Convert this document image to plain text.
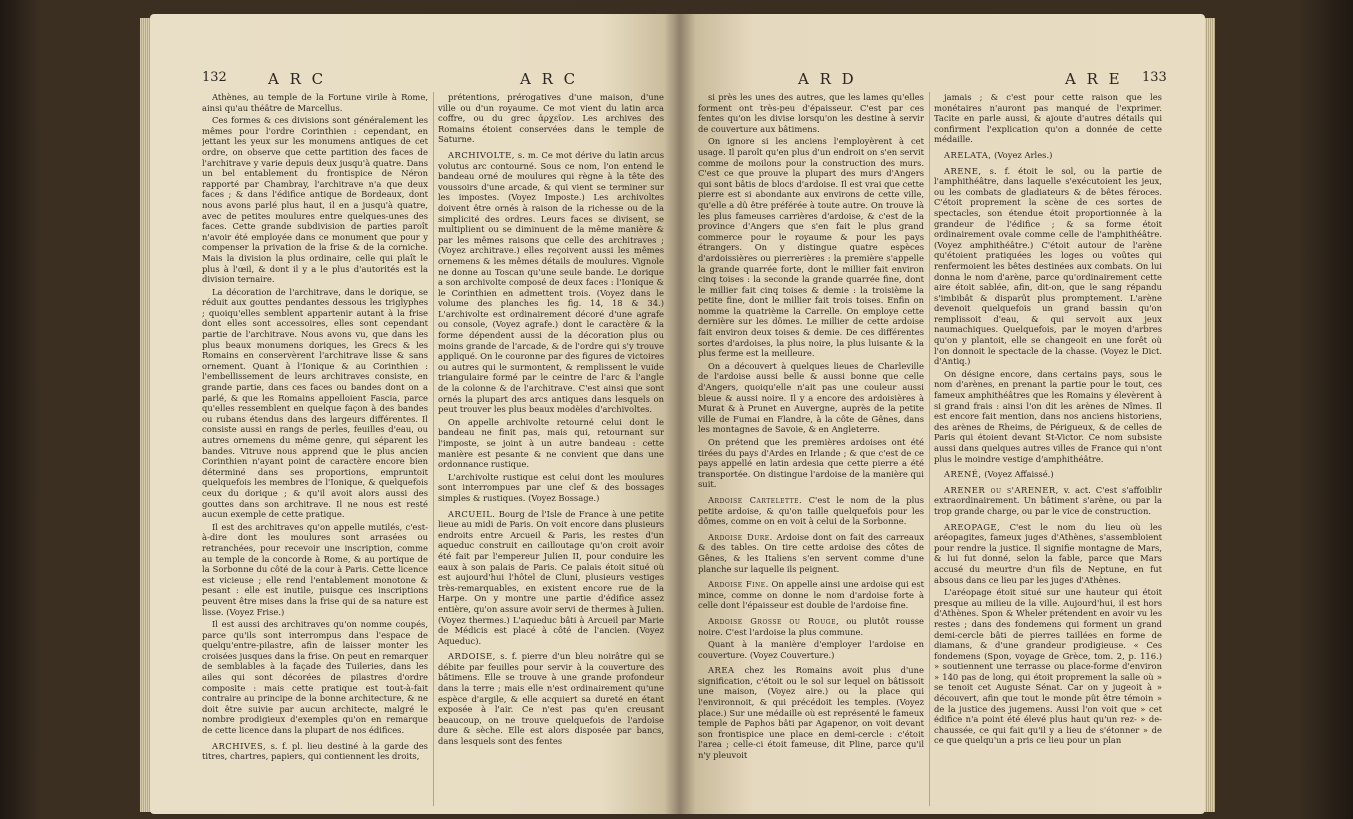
132	A R C	A R C

Athènes, au temple de la Fortune virile à Rome, ainsi qu'au théâtre de Marcellus.

Ces formes & ces divisions sont généralement les mêmes pour l'ordre Corinthien : cependant, en jettant les yeux sur les monumens antiques de cet ordre, on observe que cette partition des faces de l'architrave y varie depuis deux jusqu'à quatre. Dans un bel entablement du frontispice de Néron rapporté par Chambray, l'architrave n'a que deux faces ; & dans l'édifice antique de Bordeaux, dont nous avons parlé plus haut, il en a jusqu'à quatre, avec de petites moulures entre quelques-unes des faces. Cette grande subdivision de parties paroît n'avoir été employée dans ce monument que pour y compenser la privation de la frise & de la corniche. Mais la division la plus ordinaire, celle qui plaît le plus à l'œil, & dont il y a le plus d'autorités est la division ternaire.

La décoration de l'architrave, dans le dorique, se réduit aux gouttes pendantes dessous les triglyphes ; quoiqu'elles semblent appartenir autant à la frise dont elles sont accessoires, elles sont cependant partie de l'architrave. Nous avons vu, que dans les plus beaux monumens doriques, les Grecs & les Romains en conservèrent l'architrave lisse & sans ornement. Quant à l'Ionique & au Corinthien : l'embellissement de leurs architraves consiste, en grande partie, dans ces faces ou bandes dont on a parlé, & que les Romains appelloient Fascia, parce qu'elles ressemblent en quelque façon à des bandes ou rubans étendus dans des largeurs différentes. Il consiste aussi en rangs de perles, feuilles d'eau, ou autres ornemens du même genre, qui séparent les bandes. Vitruve nous apprend que le plus ancien Corinthien n'ayant point de caractère encore bien déterminé dans ses proportions, empruntoit quelquefois les membres de l'Ionique, & quelquefois ceux du dorique ; & qu'il avoit alors aussi des gouttes dans son architrave. Il ne nous est resté aucun exemple de cette pratique.

Il est des architraves qu'on appelle mutilés, c'est-à-dire dont les moulures sont arrasées ou retranchées, pour recevoir une inscription, comme au temple de la concorde à Rome, & au portique de la Sorbonne du côté de la cour à Paris. Cette licence est vicieuse ; elle rend l'entablement monotone & pesant : elle est inutile, puisque ces inscriptions peuvent être mises dans la frise qui de sa nature est lisse. (Voyez Frise.)

Il est aussi des architraves qu'on nomme coupés, parce qu'ils sont interrompus dans l'espace de quelqu'entre-pilastre, afin de laisser monter les croisées jusques dans la frise. On peut en remarquer de semblables à la façade des Tuileries, dans les ailes qui sont décorées de pilastres d'ordre composite : mais cette pratique est tout-à-fait contraire au principe de la bonne architecture, & ne doit être suivie par aucun architecte, malgré le nombre prodigieux d'exemples qu'on en remarque de cette licence dans la plupart de nos édifices.

ARCHIVES, s. f. pl. lieu destiné à la garde des titres, chartres, papiers, qui contiennent les droits,

prétentions, prérogatives d'une maison, d'une ville ou d'un royaume. Ce mot vient du latin arca coffre, ou du grec ἀρχεῖον. Les archives des Romains étoient conservées dans le temple de Saturne.

ARCHIVOLTE, s. m. Ce mot dérive du latin arcus volutus arc contourné. Sous ce nom, l'on entend le bandeau orné de moulures qui règne à la tête des voussoirs d'une arcade, & qui vient se terminer sur les impostes. (Voyez Imposte.) Les archivoltes doivent être ornés à raison de la richesse ou de la simplicité des ordres. Leurs faces se divisent, se multiplient ou se diminuent de la même manière & par les mêmes raisons que celle des architraves ; (Voyez architrave.) elles reçoivent aussi les mêmes ornemens & les mêmes détails de moulures. Vignole ne donne au Toscan qu'une seule bande. Le dorique a son archivolte composé de deux faces : l'Ionique & le Corinthien en admettent trois. (Voyez dans le volume des planches les fig. 14, 18 & 34.) L'archivolte est ordinairement décoré d'une agrafe ou console, (Voyez agrafe.) dont le caractère & la forme dépendent aussi de la décoration plus ou moins grande de l'arcade, & de l'ordre qui s'y trouve appliqué. On le couronne par des figures de victoires ou autres qui le surmontent, & remplissent le vuide triangulaire formé par le ceintre de l'arc & l'angle de la colonne & de l'architrave. C'est ainsi que sont ornés la plupart des arcs antiques dans lesquels on peut trouver les plus beaux modèles d'archivoltes.

On appelle archivolte retourné celui dont le bandeau ne finit pas, mais qui, retournant sur l'imposte, se joint à un autre bandeau : cette manière est pesante & ne convient que dans une ordonnance rustique.

L'archivolte rustique est celui dont les moulures sont interrompues par une clef & des bossages simples & rustiques. (Voyez Bossage.)

ARCUEIL. Bourg de l'Isle de France à une petite lieue au midi de Paris. On voit encore dans plusieurs endroits entre Arcueil & Paris, les restes d'un aqueduc construit en cailloutage qu'on croit avoir été fait par l'empereur Julien II, pour conduire les eaux à son palais de Paris. Ce palais étoit situé où est aujourd'hui l'hôtel de Cluni, plusieurs vestiges très-remarquables, en existent encore rue de la Harpe. On y montre une partie d'édifice assez entière, qu'on assure avoir servi de thermes à Julien. (Voyez thermes.) L'aqueduc bâti à Arcueil par Marie de Médicis est placé à côté de l'ancien. (Voyez Aqueduc).

ARDOISE, s. f. pierre d'un bleu noirâtre qui se débite par feuilles pour servir à la couverture des bâtimens. Elle se trouve à une grande profondeur dans la terre ; mais elle n'est ordinairement qu'une espèce d'argile, & elle acquiert sa dureté en étant exposée à l'air. Ce n'est pas qu'en creusant beaucoup, on ne trouve quelquefois de l'ardoise dure & sèche. Elle est alors disposée par bancs, dans lesquels sont des fentes

A R D	A R E 133

si près les unes des autres, que les lames qu'elles forment ont très-peu d'épaisseur. C'est par ces fentes qu'on les divise lorsqu'on les destine à servir de couverture aux bâtimens.

On ignore si les anciens l'employèrent à cet usage. Il paroît qu'en plus d'un endroit on s'en servit comme de moilons pour la construction des murs. C'est ce que prouve la plupart des murs d'Angers qui sont bâtis de blocs d'ardoise. Il est vrai que cette pierre est si abondante aux environs de cette ville, qu'elle a dû être préférée à toute autre. On trouve là les plus fameuses carrières d'ardoise, & c'est de la province d'Angers que s'en fait le plus grand commerce pour le royaume & pour les pays étrangers. On y distingue quatre espèces d'ardoissières ou pierrerières : la première s'appelle la grande quarrée forte, dont le millier fait environ cinq toises : la seconde la grande quarrée fine, dont le millier fait cinq toises & demie : la troisième la petite fine, dont le millier fait trois toises. Enfin on nomme la quatrième la Carrelle. On employe cette dernière sur les dômes. Le millier de cette ardoise fait environ deux toises & demie. De ces différentes sortes d'ardoises, la plus noire, la plus luisante & la plus ferme est la meilleure.

On a découvert à quelques lieues de Charleville de l'ardoise aussi belle & aussi bonne que celle d'Angers, quoiqu'elle n'ait pas une couleur aussi bleue & aussi noire. Il y a encore des ardoisières à Murat & à Prunet en Auvergne, auprès de la petite ville de Fumai en Flandre, à la côte de Gênes, dans les montagnes de Savoie, & en Angleterre.

On prétend que les premières ardoises ont été tirées du pays d'Ardes en Irlande ; & que c'est de ce pays appellé en latin ardesia que cette pierre a été transportée. On distingue l'ardoise de la manière qui suit.

Ardoise Cartelette. C'est le nom de la plus petite ardoise, & qu'on taille quelquefois pour les dômes, comme on en voit à celui de la Sorbonne.

Ardoise Dure. Ardoise dont on fait des carreaux & des tables. On tire cette ardoise des côtes de Gênes, & les Italiens s'en servent comme d'une planche sur laquelle ils peignent.

Ardoise Fine. On appelle ainsi une ardoise qui est mince, comme on donne le nom d'ardoise forte à celle dont l'épaisseur est double de l'ardoise fine.

Ardoise Grosse ou Rouge, ou plutôt rousse noire. C'est l'ardoise la plus commune.

Quant à la manière d'employer l'ardoise en couverture. (Voyez Couverture.)

AREA chez les Romains avoit plus d'une signification, c'étoit ou le sol sur lequel on bâtissoit une maison, (Voyez aire.) ou la place qui l'environnoit, & qui précédoit les temples. (Voyez place.) Sur une médaille où est représenté le fameux temple de Paphos bâti par Agapenor, on voit devant son frontispice une place en demi-cercle : c'étoit l'area ; celle-ci étoit fameuse, dit Pline, parce qu'il n'y pleuvoit

jamais ; & c'est pour cette raison que les monétaires n'auront pas manqué de l'exprimer. Tacite en parle aussi, & ajoute d'autres détails qui confirment l'explication qu'on a donnée de cette médaille.

ARELATA, (Voyez Arles.)

ARENE, s. f. étoit le sol, ou la partie de l'amphithéâtre, dans laquelle s'exécutoient les jeux, ou les combats de gladiateurs & de bêtes féroces. C'étoit proprement la scène de ces sortes de spectacles, son étendue étoit proportionnée à la grandeur de l'édifice ; & sa forme étoit ordinairement ovale comme celle de l'amphithéâtre. (Voyez amphithéâtre.) C'étoit autour de l'arène qu'étoient pratiquées les loges ou voûtes qui renfermoient les bêtes destinées aux combats. On lui donna le nom d'arène, parce qu'ordinairement cette aire étoit sablée, afin, dit-on, que le sang répandu s'imbibât & disparût plus promptement. L'arène devenoit quelquefois un grand bassin qu'on remplissoit d'eau, & qui servoit aux jeux naumachiques. Quelquefois, par le moyen d'arbres qu'on y plantoit, elle se changeoit en une forêt où l'on donnoit le spectacle de la chasse. (Voyez le Dict. d'Antiq.)

On désigne encore, dans certains pays, sous le nom d'arènes, en prenant la partie pour le tout, ces fameux amphithéâtres que les Romains y élevèrent à si grand frais : ainsi l'on dit les arènes de Nîmes. Il est encore fait mention, dans nos anciens historiens, des arènes de Rheims, de Périgueux, & de celles de Paris qui étoient devant St-Victor. Ce nom subsiste aussi dans quelques autres villes de France qui n'ont plus le moindre vestige d'amphithéâtre.

ARENÉ, (Voyez Affaissé.)

ARENER ou s'ARENER, v. act. C'est s'affoiblir extraordinairement. Un bâtiment s'arène, ou par la trop grande charge, ou par le vice de construction.

AREOPAGE, C'est le nom du lieu où les aréopagites, fameux juges d'Athènes, s'assembloient pour rendre la justice. Il signifie montagne de Mars, & lui fut donné, selon la fable, parce que Mars accusé du meurtre d'un fils de Neptune, en fut absous dans ce lieu par les juges d'Athènes.

L'aréopage étoit situé sur une hauteur qui étoit presque au milieu de la ville. Aujourd'hui, il est hors d'Athènes. Spon & Wheler prétendent en avoir vu les restes ; dans des fondemens qui forment un grand demi-cercle bâti de pierres taillées en forme de diamans, & d'une grandeur prodigieuse. « Ces fondemens (Spon, voyage de Grèce, tom. 2, p. 116.) » soutiennent une terrasse ou place-forme d'environ » 140 pas de long, qui étoit proprement la salle où » se tenoit cet Auguste Sénat. Car on y jugeoit à » découvert, afin que tout le monde pût être témoin » de la justice des jugemens. Aussi l'on voit que » cet édifice n'a point été élevé plus haut qu'un rez- » de-chaussée, ce qui fait qu'il y a lieu de s'étonner » de ce que quelqu'un a pris ce lieu pour un plan
